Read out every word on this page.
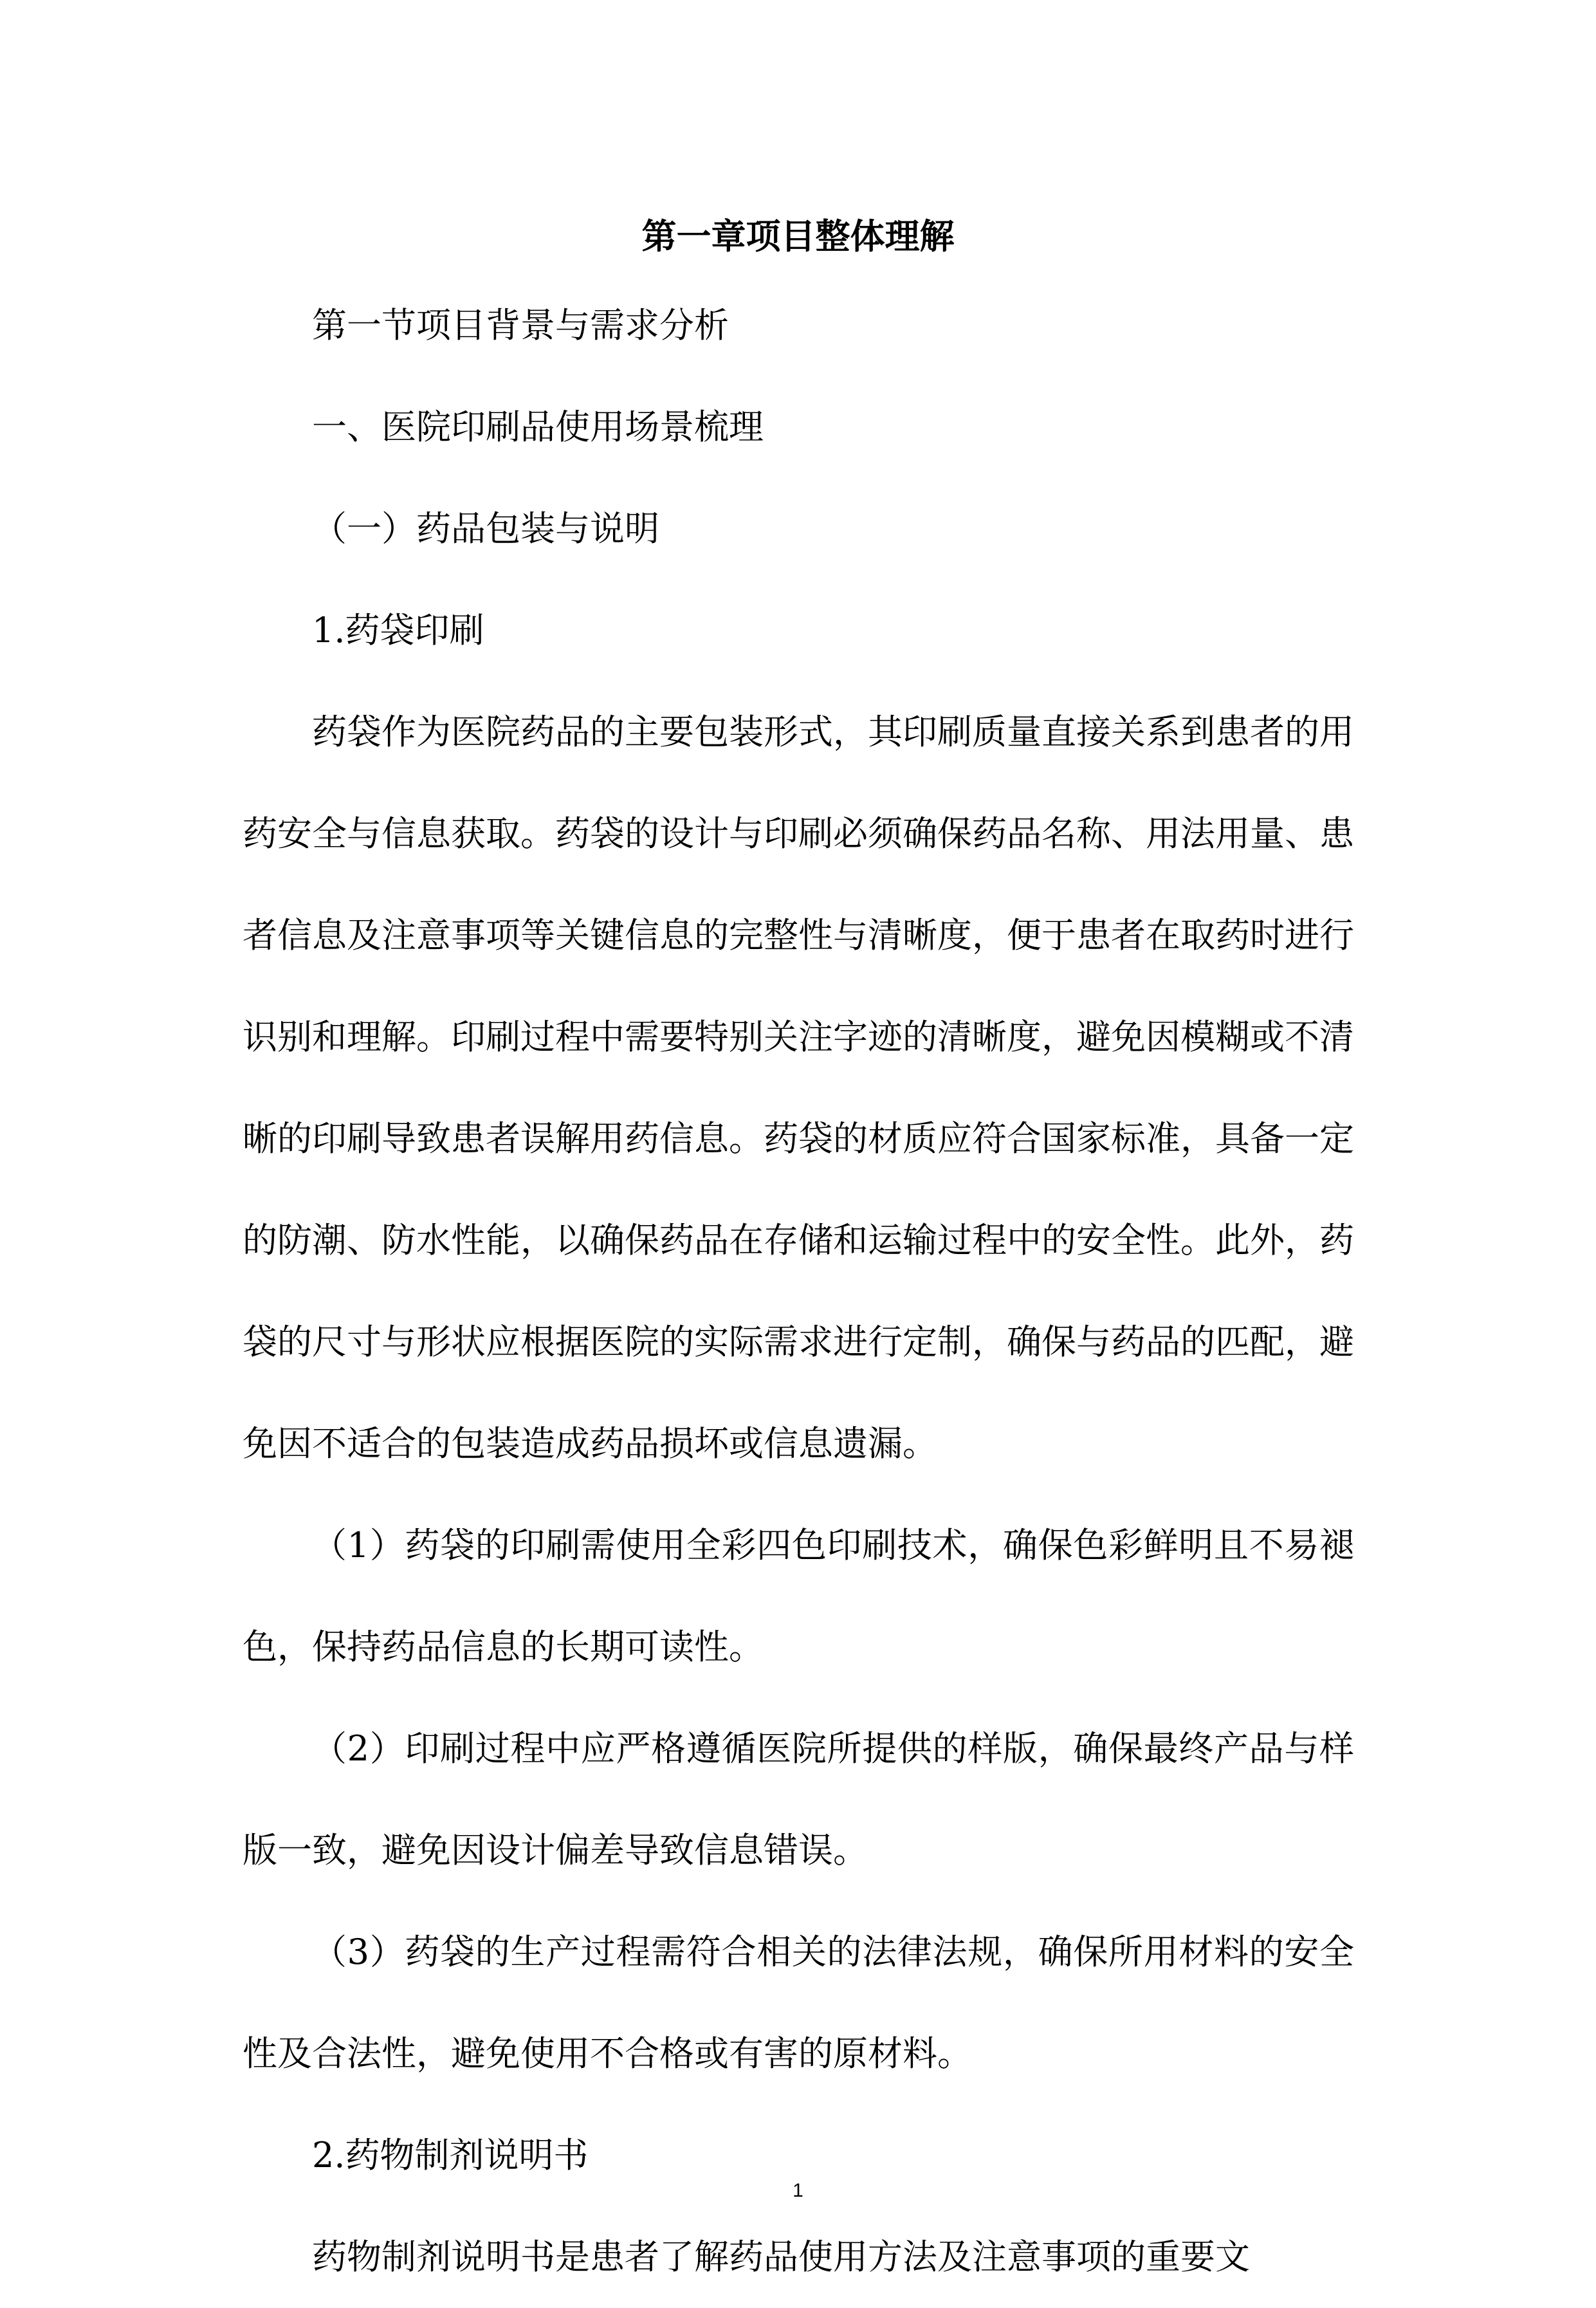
第一章项目整体理解

第一节项目背景与需求分析

一、医院印刷品使用场景梳理

（一）药品包装与说明

1.药袋印刷

药袋作为医院药品的主要包装形式，其印刷质量直接关系到患者的用药安全与信息获取。药袋的设计与印刷必须确保药品名称、用法用量、患者信息及注意事项等关键信息的完整性与清晰度，便于患者在取药时进行识别和理解。印刷过程中需要特别关注字迹的清晰度，避免因模糊或不清晰的印刷导致患者误解用药信息。药袋的材质应符合国家标准，具备一定的防潮、防水性能，以确保药品在存储和运输过程中的安全性。此外，药袋的尺寸与形状应根据医院的实际需求进行定制，确保与药品的匹配，避免因不适合的包装造成药品损坏或信息遗漏。

（1）药袋的印刷需使用全彩四色印刷技术，确保色彩鲜明且不易褪色，保持药品信息的长期可读性。

（2）印刷过程中应严格遵循医院所提供的样版，确保最终产品与样版一致，避免因设计偏差导致信息错误。

（3）药袋的生产过程需符合相关的法律法规，确保所用材料的安全性及合法性，避免使用不合格或有害的原材料。

2.药物制剂说明书

药物制剂说明书是患者了解药品使用方法及注意事项的重要文

1
